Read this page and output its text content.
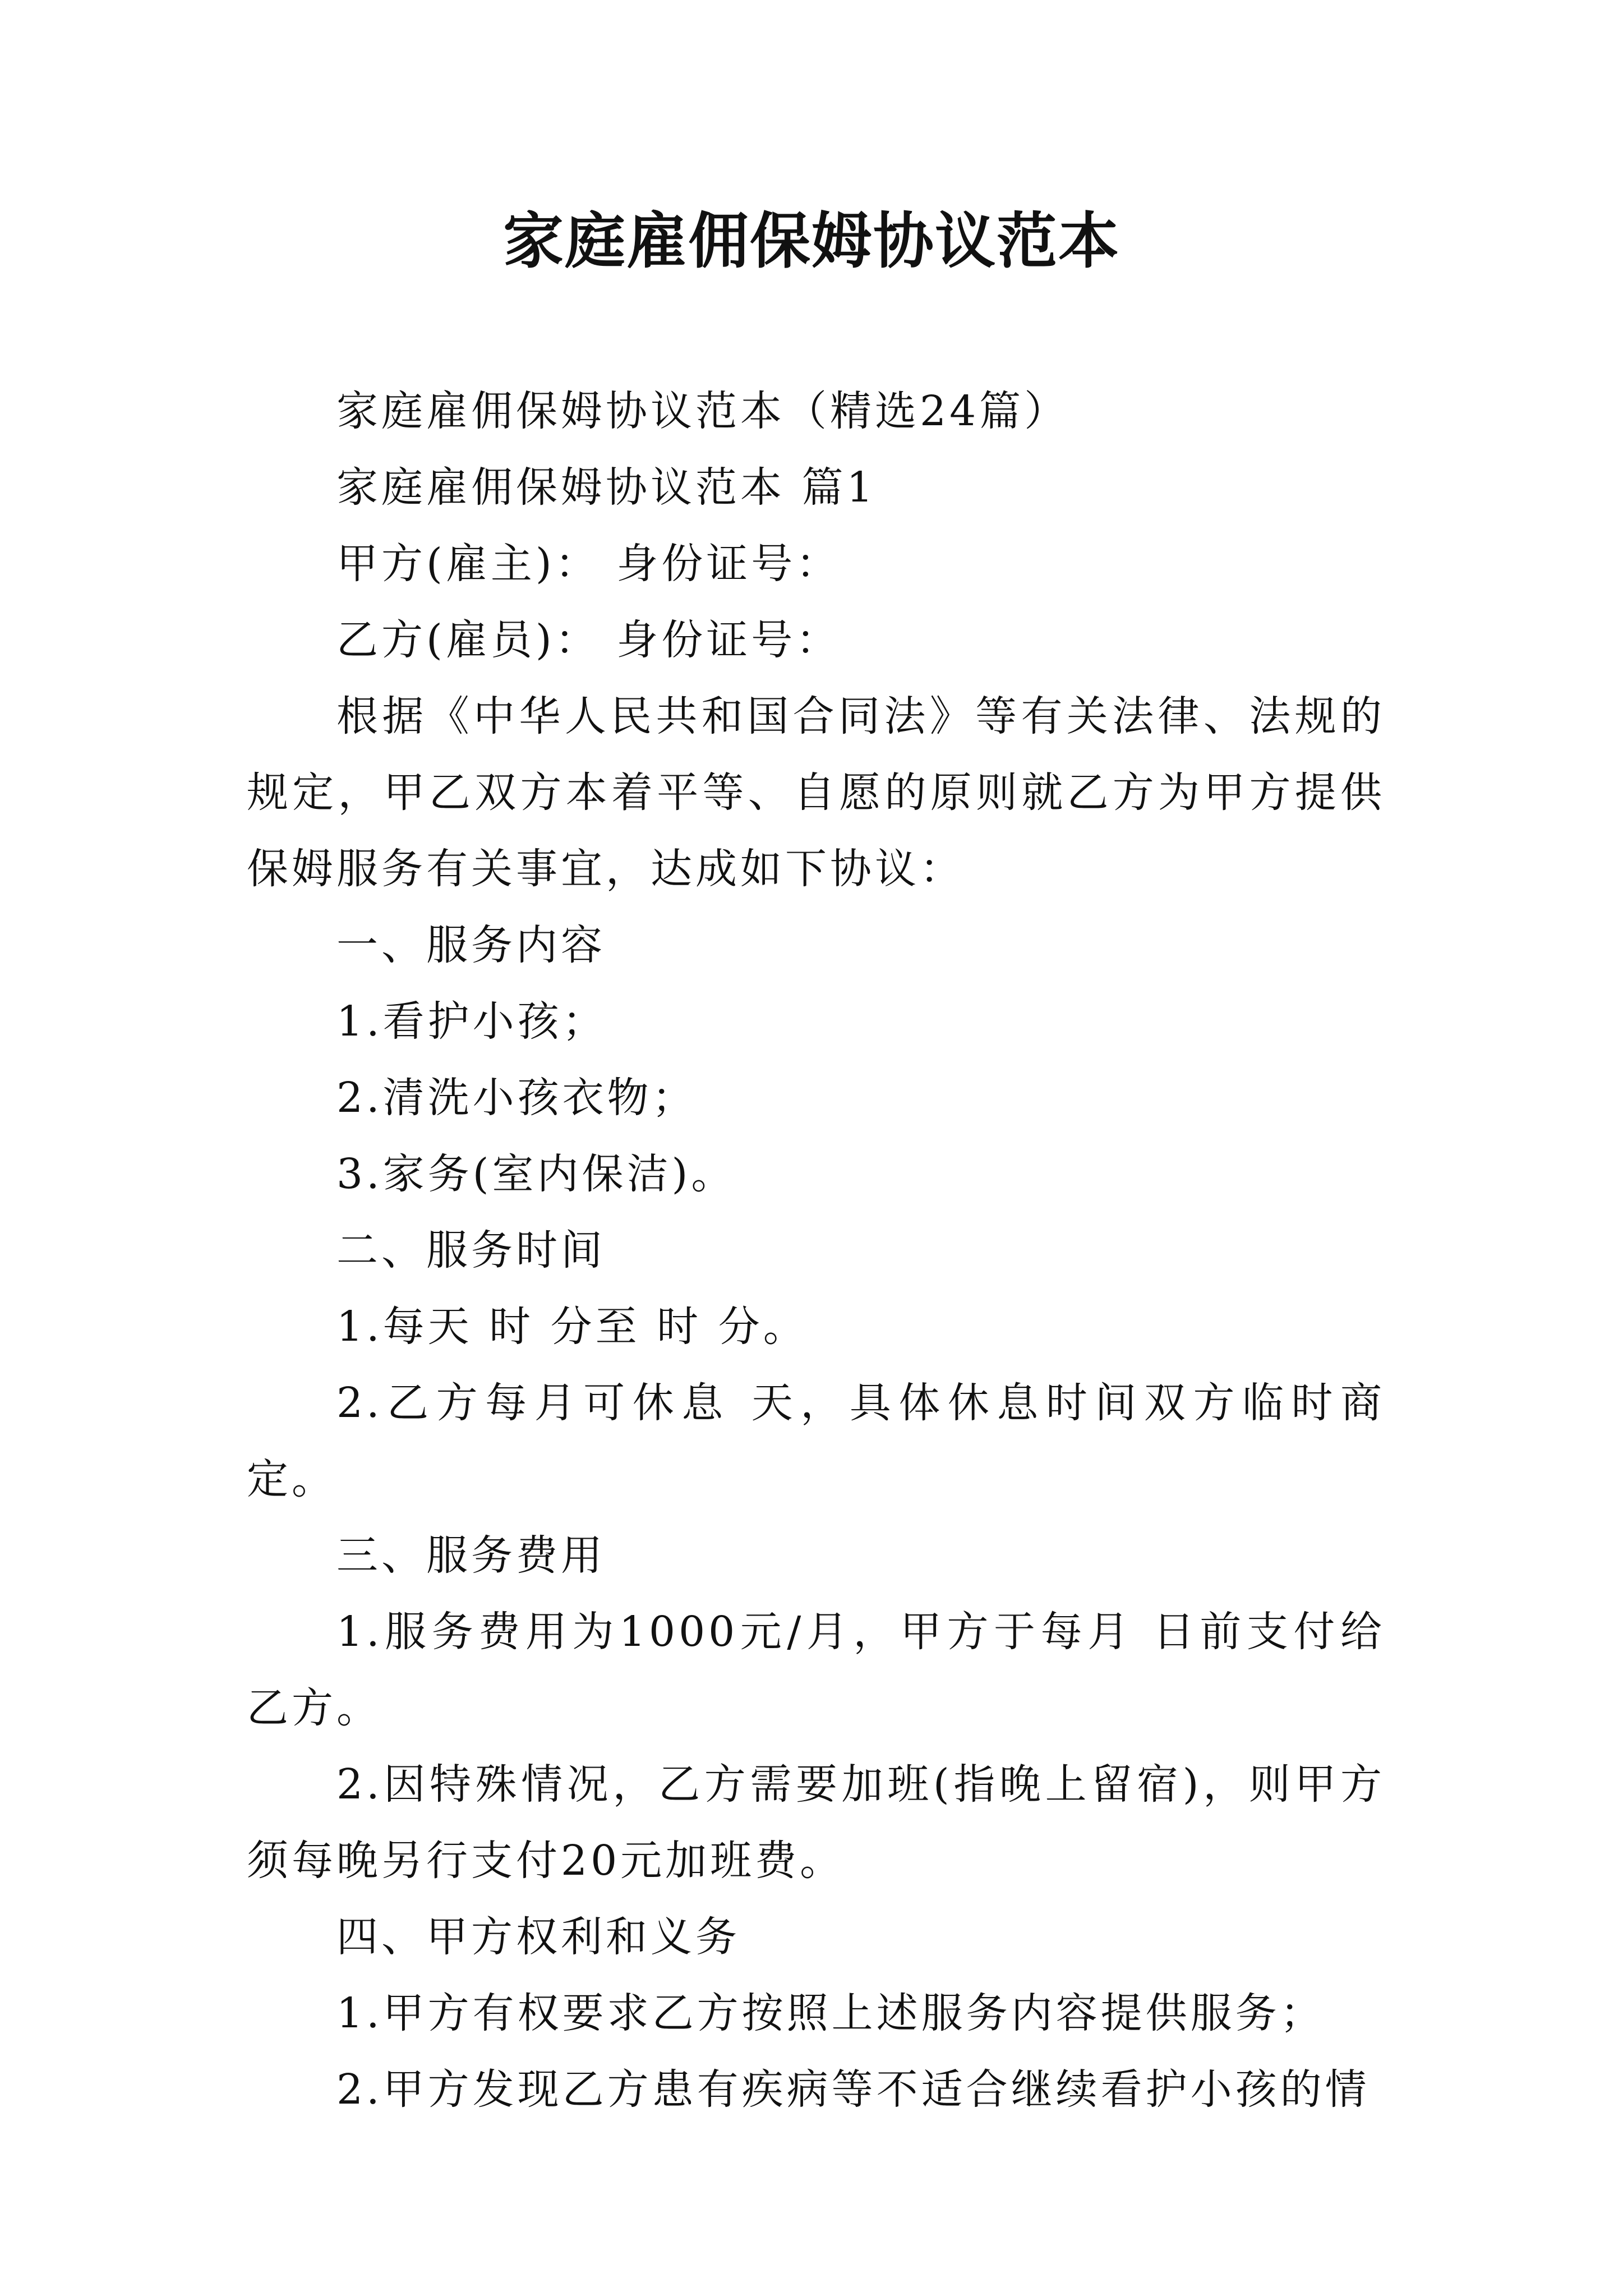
家庭雇佣保姆协议范本

家庭雇佣保姆协议范本（精选24篇）

家庭雇佣保姆协议范本 篇1

甲方(雇主)： 身份证号：

乙方(雇员)： 身份证号：

根据《中华人民共和国合同法》等有关法律、法规的规定，甲乙双方本着平等、自愿的原则就乙方为甲方提供保姆服务有关事宜，达成如下协议：

一、服务内容

1.看护小孩；

2.清洗小孩衣物；

3.家务(室内保洁)。

二、服务时间

1.每天 时 分至 时 分。

2.乙方每月可休息 天，具体休息时间双方临时商定。

三、服务费用

1.服务费用为1000元/月，甲方于每月 日前支付给乙方。

2.因特殊情况，乙方需要加班(指晚上留宿)，则甲方须每晚另行支付20元加班费。

四、甲方权利和义务

1.甲方有权要求乙方按照上述服务内容提供服务；

2.甲方发现乙方患有疾病等不适合继续看护小孩的情
